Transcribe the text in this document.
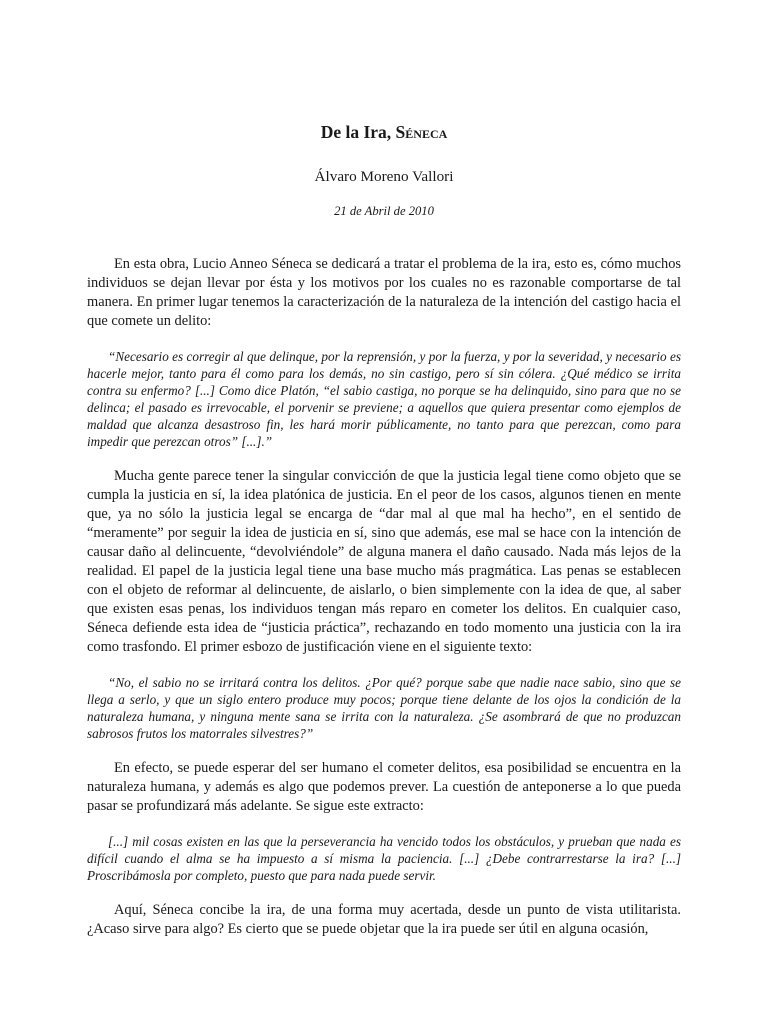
De la Ira, Séneca

Álvaro Moreno Vallori

21 de Abril de 2010

En esta obra, Lucio Anneo Séneca se dedicará a tratar el problema de la ira, esto es, cómo muchos individuos se dejan llevar por ésta y los motivos por los cuales no es razonable comportarse de tal manera. En primer lugar tenemos la caracterización de la naturaleza de la intención del castigo hacia el que comete un delito:

“Necesario es corregir al que delinque, por la reprensión, y por la fuerza, y por la severidad, y necesario es hacerle mejor, tanto para él como para los demás, no sin castigo, pero sí sin cólera. ¿Qué médico se irrita contra su enfermo? [...] Como dice Platón, “el sabio castiga, no porque se ha delinquido, sino para que no se delinca; el pasado es irrevocable, el porvenir se previene; a aquellos que quiera presentar como ejemplos de maldad que alcanza desastroso fin, les hará morir públicamente, no tanto para que perezcan, como para impedir que perezcan otros” [...].”

Mucha gente parece tener la singular convicción de que la justicia legal tiene como objeto que se cumpla la justicia en sí, la idea platónica de justicia. En el peor de los casos, algunos tienen en mente que, ya no sólo la justicia legal se encarga de “dar mal al que mal ha hecho”, en el sentido de “meramente” por seguir la idea de justicia en sí, sino que además, ese mal se hace con la intención de causar daño al delincuente, “devolviéndole” de alguna manera el daño causado. Nada más lejos de la realidad. El papel de la justicia legal tiene una base mucho más pragmática. Las penas se establecen con el objeto de reformar al delincuente, de aislarlo, o bien simplemente con la idea de que, al saber que existen esas penas, los individuos tengan más reparo en cometer los delitos. En cualquier caso, Séneca defiende esta idea de “justicia práctica”, rechazando en todo momento una justicia con la ira como trasfondo. El primer esbozo de justificación viene en el siguiente texto:

“No, el sabio no se irritará contra los delitos. ¿Por qué? porque sabe que nadie nace sabio, sino que se llega a serlo, y que un siglo entero produce muy pocos; porque tiene delante de los ojos la condición de la naturaleza humana, y ninguna mente sana se irrita con la naturaleza. ¿Se asombrará de que no produzcan sabrosos frutos los matorrales silvestres?”

En efecto, se puede esperar del ser humano el cometer delitos, esa posibilidad se encuentra en la naturaleza humana, y además es algo que podemos prever. La cuestión de anteponerse a lo que pueda pasar se profundizará más adelante. Se sigue este extracto:

[...] mil cosas existen en las que la perseverancia ha vencido todos los obstáculos, y prueban que nada es difícil cuando el alma se ha impuesto a sí misma la paciencia. [...] ¿Debe contrarrestarse la ira? [...] Proscribámosla por completo, puesto que para nada puede servir.

Aquí, Séneca concibe la ira, de una forma muy acertada, desde un punto de vista utilitarista. ¿Acaso sirve para algo? Es cierto que se puede objetar que la ira puede ser útil en alguna ocasión,
